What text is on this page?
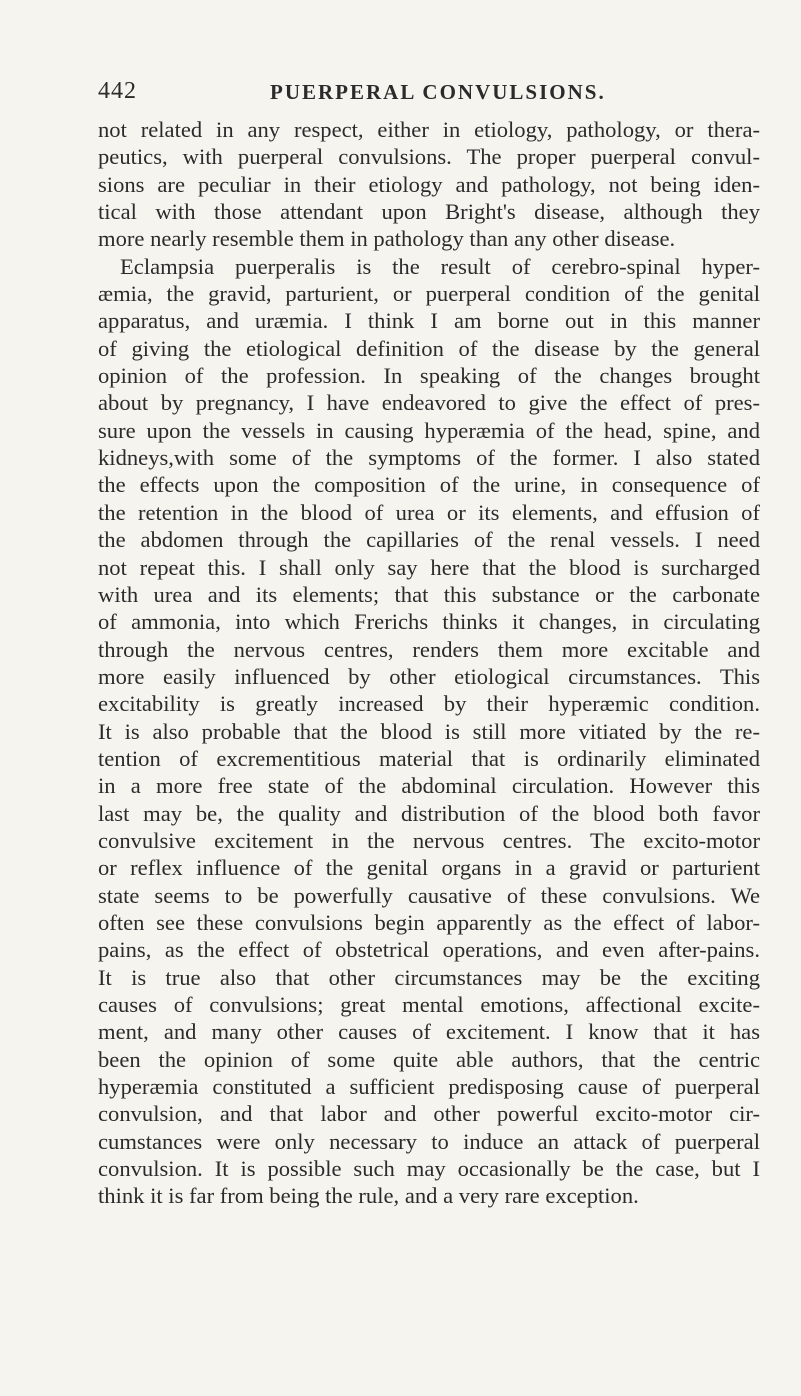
442	PUERPERAL CONVULSIONS.
not related in any respect, either in etiology, pathology, or thera-
peutics, with puerperal convulsions. The proper puerperal convul-
sions are peculiar in their etiology and pathology, not being iden-
tical with those attendant upon Bright's disease, although they
more nearly resemble them in pathology than any other disease.
Eclampsia puerperalis is the result of cerebro-spinal hyper-
æmia, the gravid, parturient, or puerperal condition of the genital
apparatus, and uræmia. I think I am borne out in this manner
of giving the etiological definition of the disease by the general
opinion of the profession. In speaking of the changes brought
about by pregnancy, I have endeavored to give the effect of pres-
sure upon the vessels in causing hyperæmia of the head, spine, and
kidneys,with some of the symptoms of the former. I also stated
the effects upon the composition of the urine, in consequence of
the retention in the blood of urea or its elements, and effusion of
the abdomen through the capillaries of the renal vessels. I need
not repeat this. I shall only say here that the blood is surcharged
with urea and its elements; that this substance or the carbonate
of ammonia, into which Frerichs thinks it changes, in circulating
through the nervous centres, renders them more excitable and
more easily influenced by other etiological circumstances. This
excitability is greatly increased by their hyperæmic condition.
It is also probable that the blood is still more vitiated by the re-
tention of excrementitious material that is ordinarily eliminated
in a more free state of the abdominal circulation. However this
last may be, the quality and distribution of the blood both favor
convulsive excitement in the nervous centres. The excito-motor
or reflex influence of the genital organs in a gravid or parturient
state seems to be powerfully causative of these convulsions. We
often see these convulsions begin apparently as the effect of labor-
pains, as the effect of obstetrical operations, and even after-pains.
It is true also that other circumstances may be the exciting
causes of convulsions; great mental emotions, affectional excite-
ment, and many other causes of excitement. I know that it has
been the opinion of some quite able authors, that the centric
hyperæmia constituted a sufficient predisposing cause of puerperal
convulsion, and that labor and other powerful excito-motor cir-
cumstances were only necessary to induce an attack of puerperal
convulsion. It is possible such may occasionally be the case, but I
think it is far from being the rule, and a very rare exception.
